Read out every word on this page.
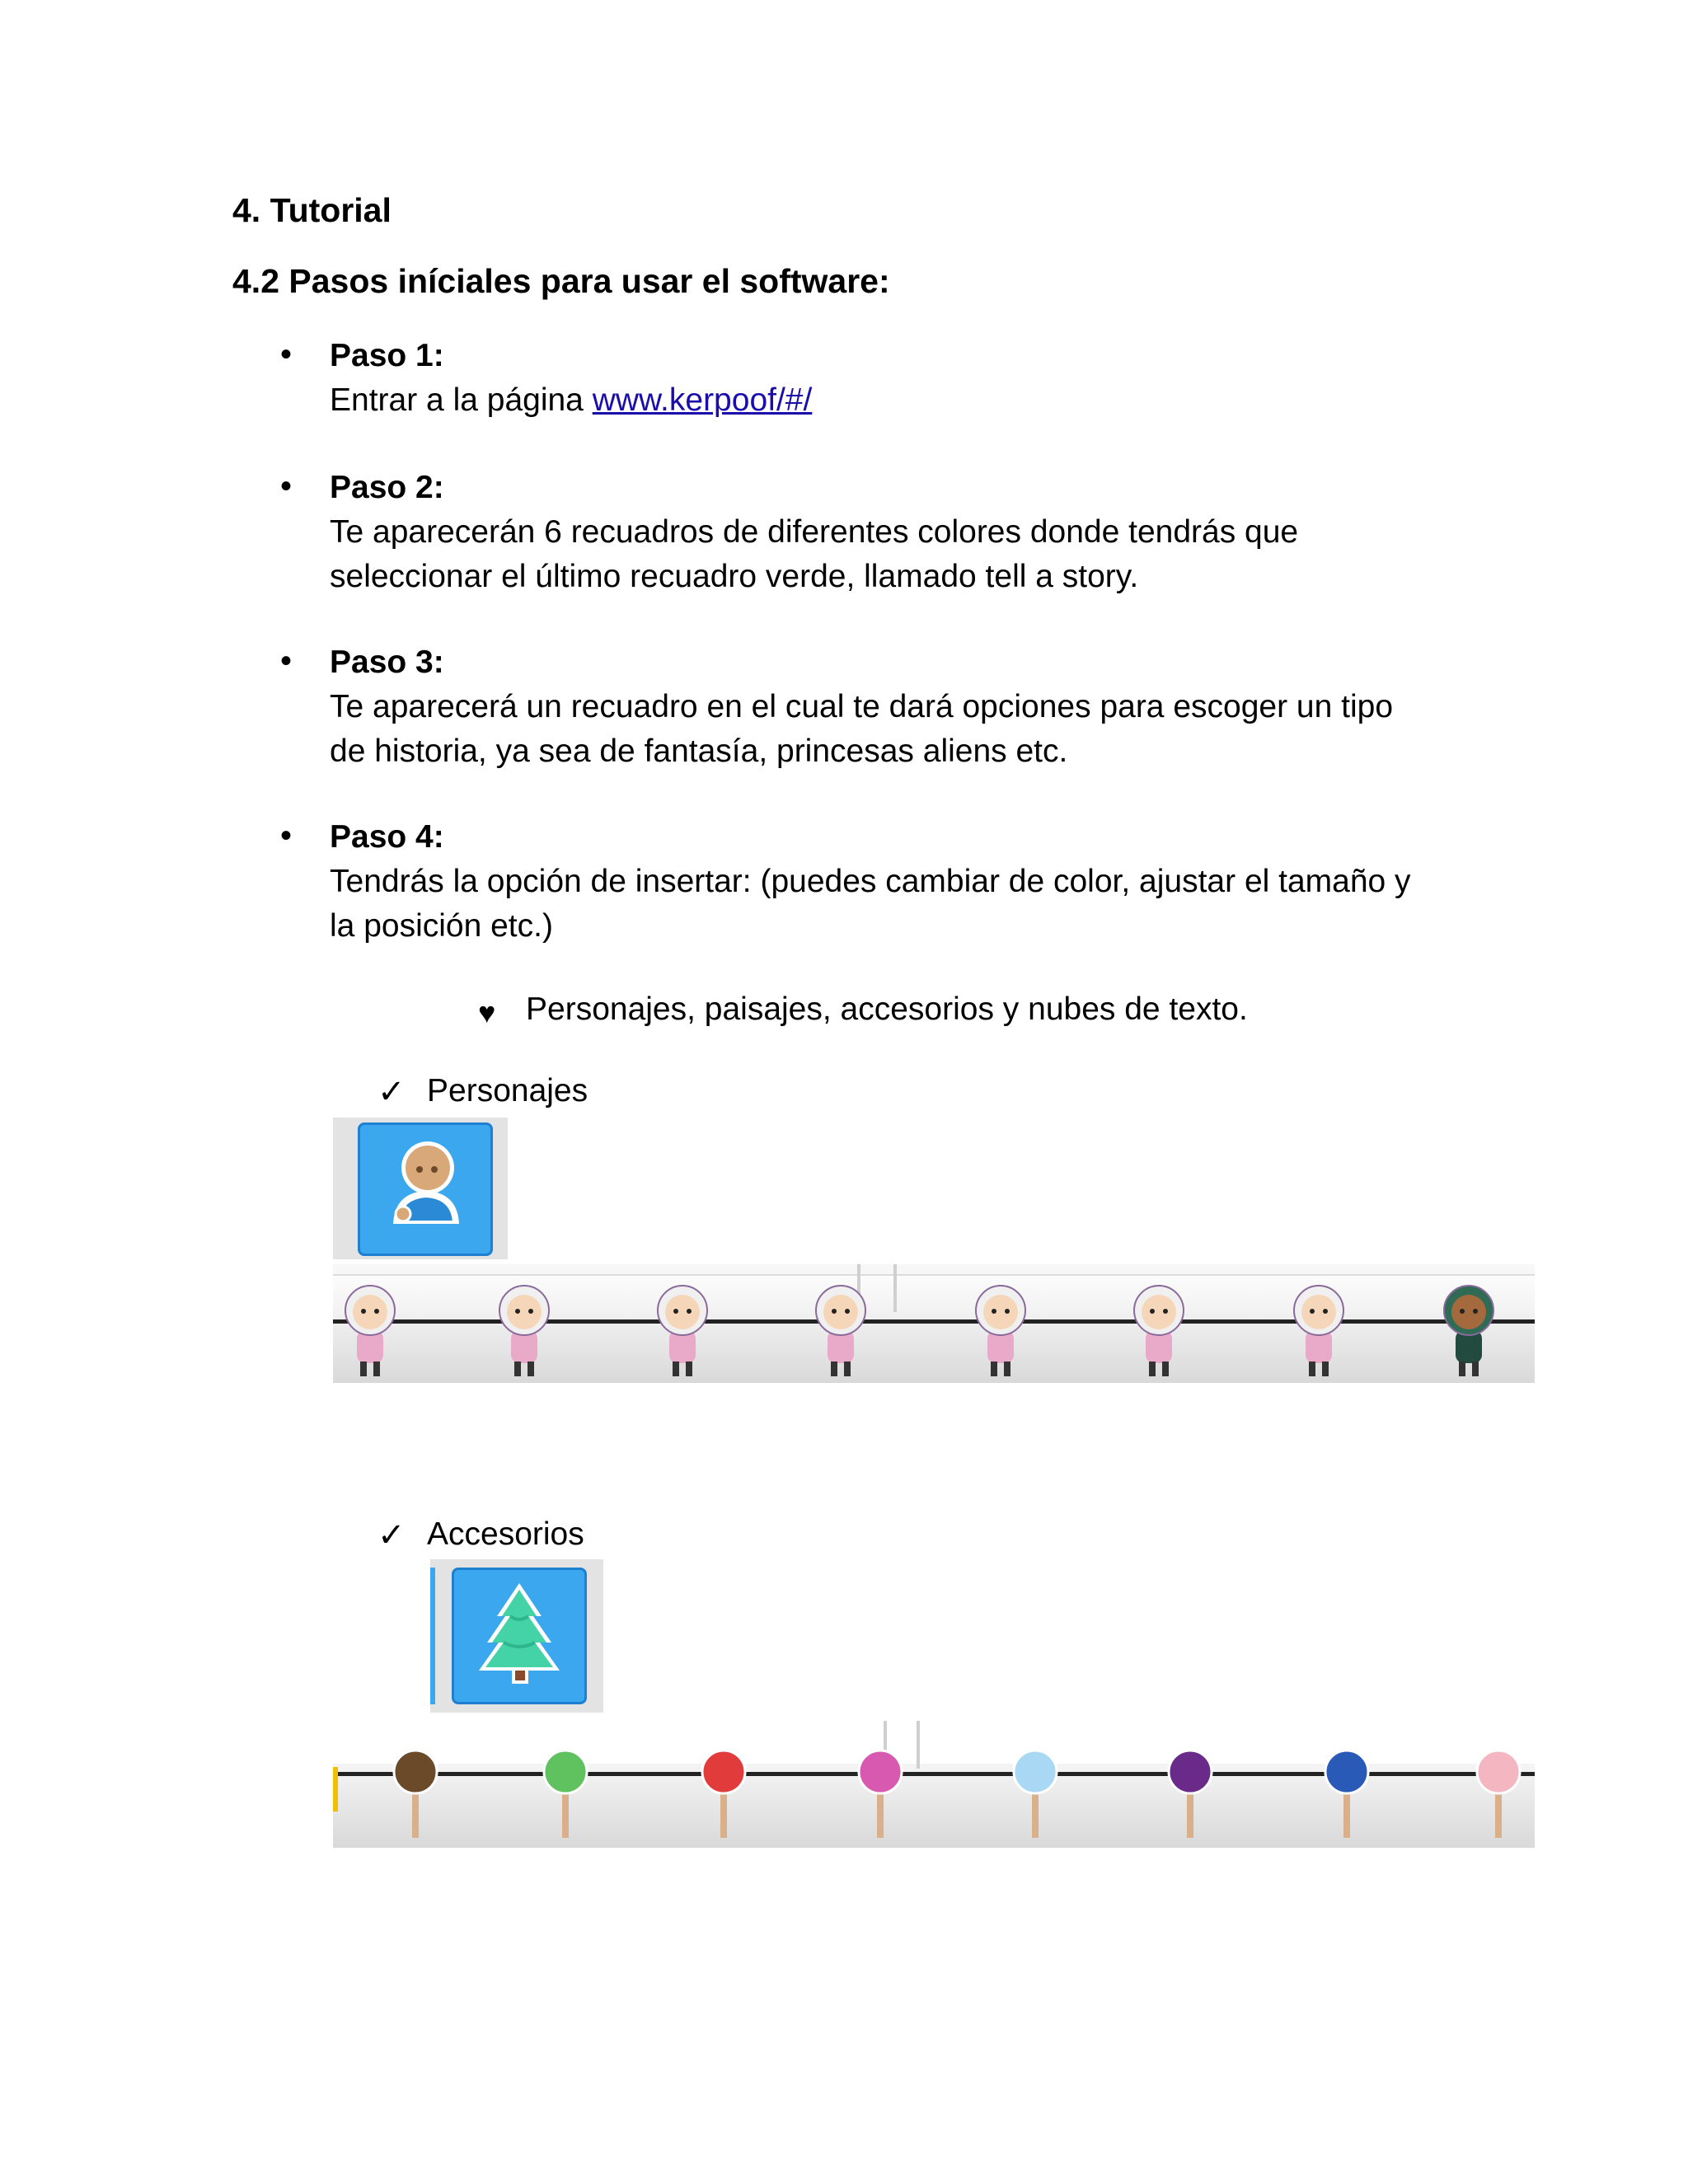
4. Tutorial
4.2 Pasos iníciales para usar el software:
• Paso 1:
Entrar a la página www.kerpoof/#/
• Paso 2:
Te aparecerán 6 recuadros de diferentes colores donde tendrás que
seleccionar el último recuadro verde, llamado tell a story.
• Paso 3:
Te aparecerá un recuadro en el cual te dará opciones para escoger un tipo
de historia, ya sea de fantasía, princesas aliens etc.
• Paso 4:
Tendrás la opción de insertar: (puedes cambiar de color, ajustar el tamaño y
la posición etc.)
♥ Personajes, paisajes, accesorios y nubes de texto.
✓ Personajes
✓ Accesorios
